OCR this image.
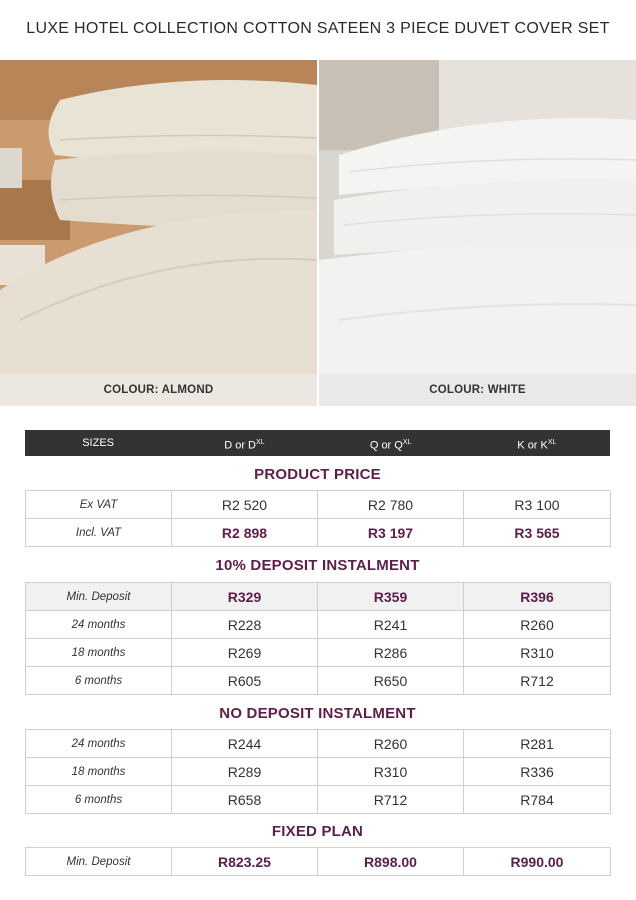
LUXE HOTEL COLLECTION COTTON SATEEN 3 PIECE DUVET COVER SET
COLOUR: ALMOND	COLOUR: WHITE
SIZES	D or $D^{XL}$	Q or $Q^{XL}$	K or $K^{XL}$
PRODUCT PRICE
Ex VAT	R2 520	R2 780	R3 100
Incl. VAT	R2 898	R3 197	R3 565
10% DEPOSIT INSTALMENT
Min. Deposit	R329	R359	R396
24 months	R228	R241	R260
18 months	R269	R286	R310
6 months	R605	R650	R712
NO DEPOSIT INSTALMENT
24 months	R244	R260	R281
18 months	R289	R310	R336
6 months	R658	R712	R784
FIXED PLAN
Min. Deposit	R823.25	R898.00	R990.00
